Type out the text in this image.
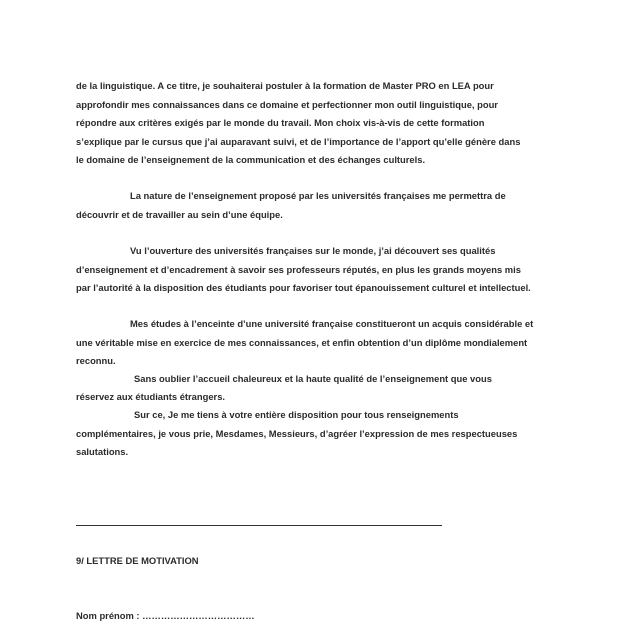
de la linguistique. A ce titre, je souhaiterai postuler à la formation de Master PRO en LEA pour
approfondir mes connaissances dans ce domaine et perfectionner mon outil linguistique, pour
répondre aux critères exigés par le monde du travail. Mon choix vis-à-vis de cette formation
s’explique par le cursus que j’ai auparavant suivi, et de l’importance de l’apport qu’elle génère dans
le domaine de l’enseignement de la communication et des échanges culturels.
La nature de l’enseignement proposé par les universités françaises me permettra de
découvrir et de travailler au sein d’une équipe.
Vu l’ouverture des universités françaises sur le monde, j’ai découvert ses qualités
d’enseignement et d’encadrement à savoir ses professeurs réputés, en plus les grands moyens mis
par l’autorité à la disposition des étudiants pour favoriser tout épanouissement culturel et intellectuel.
Mes études à l’enceinte d’une université française constitueront un acquis considérable et
une véritable mise en exercice de mes connaissances, et enfin obtention d’un diplôme mondialement
reconnu.
Sans oublier l’accueil chaleureux et la haute qualité de l’enseignement que vous
réservez aux étudiants étrangers.
Sur ce, Je me tiens à votre entière disposition pour tous renseignements
complémentaires, je vous prie, Mesdames, Messieurs, d’agréer l’expression de mes respectueuses
salutations.
9/ LETTRE DE MOTIVATION
Nom prénom : ………………………………
